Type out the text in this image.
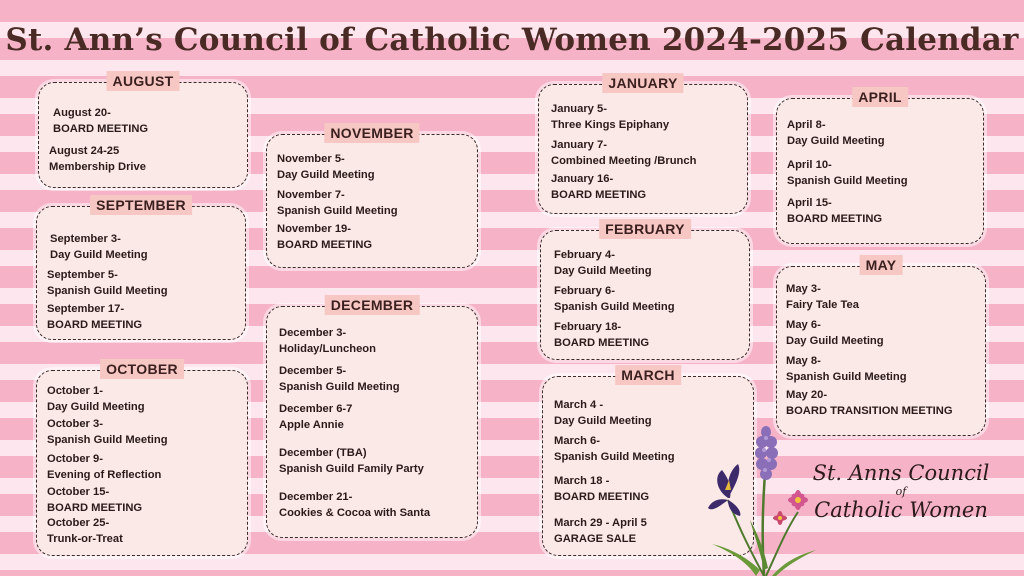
St. Ann’s Council of Catholic Women 2024-2025 Calendar
AUGUST
August 20-
BOARD MEETING
August 24-25
Membership Drive
SEPTEMBER
September 3-
Day Guild Meeting
September 5-
Spanish Guild Meeting
September 17-
BOARD MEETING
OCTOBER
October 1-
Day Guild Meeting
October 3-
Spanish Guild Meeting
October 9-
Evening of Reflection
October 15-
BOARD MEETING
October 25-
Trunk-or-Treat
NOVEMBER
November 5-
Day Guild Meeting
November 7-
Spanish Guild Meeting
November 19-
BOARD MEETING
DECEMBER
December 3-
Holiday/Luncheon
December 5-
Spanish Guild Meeting
December 6-7
Apple Annie
December (TBA)
Spanish Guild Family Party
December 21-
Cookies & Cocoa with Santa
JANUARY
January 5-
Three Kings Epiphany
January 7-
Combined Meeting /Brunch
January 16-
BOARD MEETING
FEBRUARY
February 4-
Day Guild Meeting
February 6-
Spanish Guild Meeting
February 18-
BOARD MEETING
MARCH
March 4 -
Day Guild Meeting
March 6-
Spanish Guild Meeting
March 18 -
BOARD MEETING
March 29 - April 5
GARAGE SALE
APRIL
April 8-
Day Guild Meeting
April 10-
Spanish Guild Meeting
April 15-
BOARD MEETING
MAY
May 3-
Fairy Tale Tea
May 6-
Day Guild Meeting
May 8-
Spanish Guild Meeting
May 20-
BOARD TRANSITION MEETING
St. Anns Council
of
Catholic Women
